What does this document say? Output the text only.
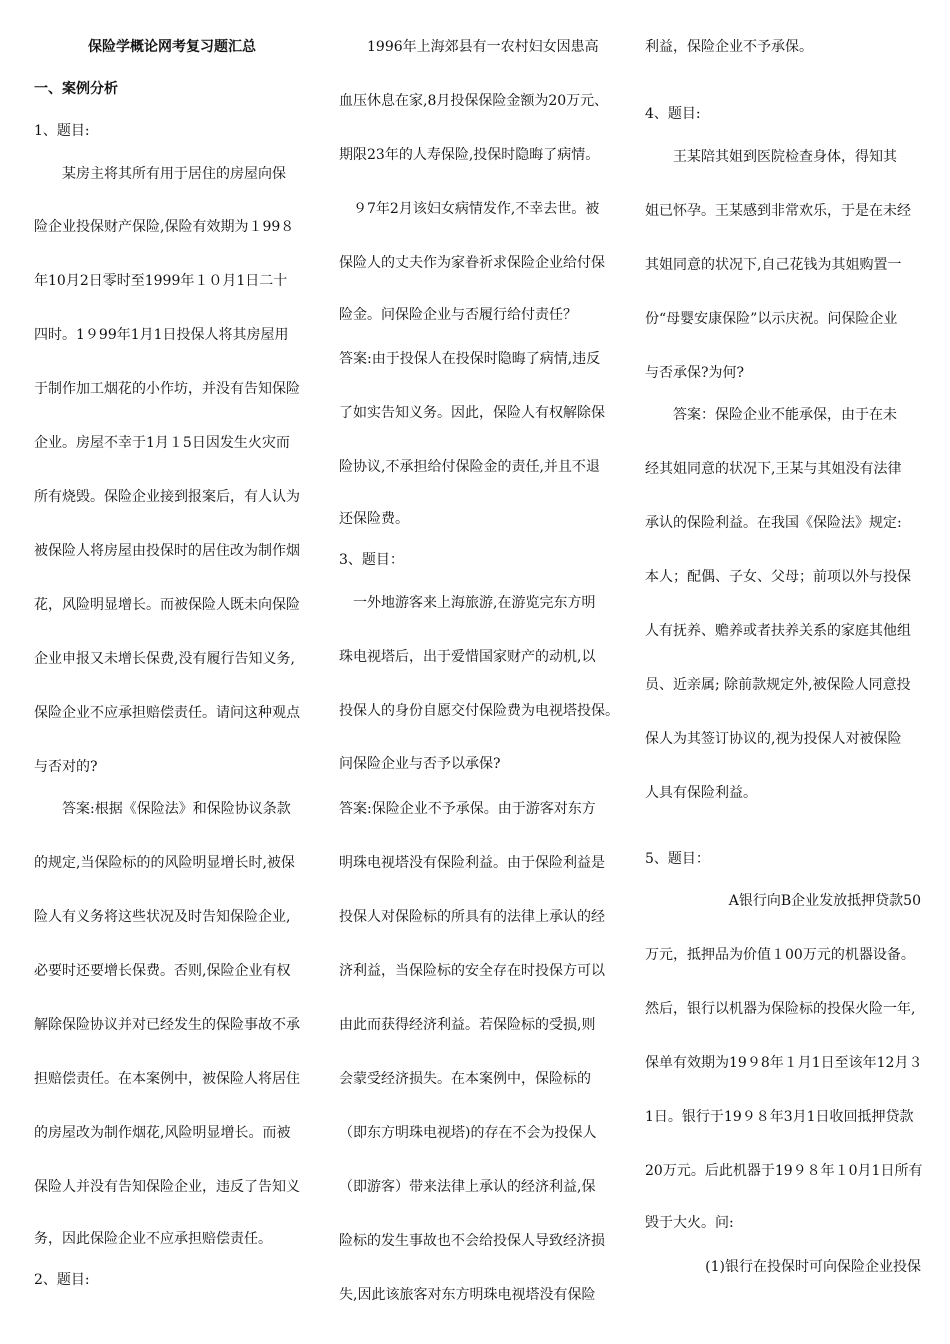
保险学概论网考复习题汇总
一、案例分析
1、题目:
某房主将其所有用于居住的房屋向保
险企业投保财产保险,保险有效期为１99８
年10月2日零时至1999年１０月1日二十
四时。1９99年1月1日投保人将其房屋用
于制作加工烟花的小作坊，并没有告知保险
企业。房屋不幸于1月１5日因发生火灾而
所有烧毁。保险企业接到报案后，有人认为
被保险人将房屋由投保时的居住改为制作烟
花，风险明显增长。而被保险人既未向保险
企业申报又未增长保费,没有履行告知义务,
保险企业不应承担赔偿责任。请问这种观点
与否对的?
答案:根据《保险法》和保险协议条款
的规定,当保险标的的风险明显增长时,被保
险人有义务将这些状况及时告知保险企业,
必要时还要增长保费。否则,保险企业有权
解除保险协议并对已经发生的保险事故不承
担赔偿责任。在本案例中，被保险人将居住
的房屋改为制作烟花,风险明显增长。而被
保险人并没有告知保险企业，违反了告知义
务，因此保险企业不应承担赔偿责任。
2、题目:
1996年上海郊县有一农村妇女因患高
血压休息在家,8月投保保险金额为20万元、
期限23年的人寿保险,投保时隐晦了病情。
９7年2月该妇女病情发作,不幸去世。被
保险人的丈夫作为家眷祈求保险企业给付保
险金。问保险企业与否履行给付责任？
答案:由于投保人在投保时隐晦了病情,违反
了如实告知义务。因此，保险人有权解除保
险协议,不承担给付保险金的责任,并且不退
还保险费。
3、题目：
一外地游客来上海旅游,在游览完东方明
珠电视塔后，出于爱惜国家财产的动机,以
投保人的身份自愿交付保险费为电视塔投保。
问保险企业与否予以承保?
答案:保险企业不予承保。由于游客对东方
明珠电视塔没有保险利益。由于保险利益是
投保人对保险标的所具有的法律上承认的经
济利益，当保险标的安全存在时投保方可以
由此而获得经济利益。若保险标的受损,则
会蒙受经济损失。在本案例中，保险标的
（即东方明珠电视塔)的存在不会为投保人
（即游客）带来法律上承认的经济利益,保
险标的发生事故也不会给投保人导致经济损
失,因此该旅客对东方明珠电视塔没有保险
利益，保险企业不予承保。
4、题目:
王某陪其姐到医院检查身体，得知其
姐已怀孕。王某感到非常欢乐，于是在未经
其姐同意的状况下,自己花钱为其姐购置一
份“母婴安康保险”以示庆祝。问保险企业
与否承保?为何?
答案：保险企业不能承保，由于在未
经其姐同意的状况下,王某与其姐没有法律
承认的保险利益。在我国《保险法》规定:
本人；配偶、子女、父母；前项以外与投保
人有抚养、赡养或者扶养关系的家庭其他组
员、近亲属; 除前款规定外,被保险人同意投
保人为其签订协议的,视为投保人对被保险
人具有保险利益。
5、题目：
A银行向B企业发放抵押贷款50
万元，抵押品为价值１00万元的机器设备。
然后，银行以机器为保险标的投保火险一年,
保单有效期为19９8年１月1日至该年12月３
1日。银行于19９８年3月1日收回抵押贷款
20万元。后此机器于19９８年１0月1日所有
毁于大火。问:
(1)银行在投保时可向保险企业投保
